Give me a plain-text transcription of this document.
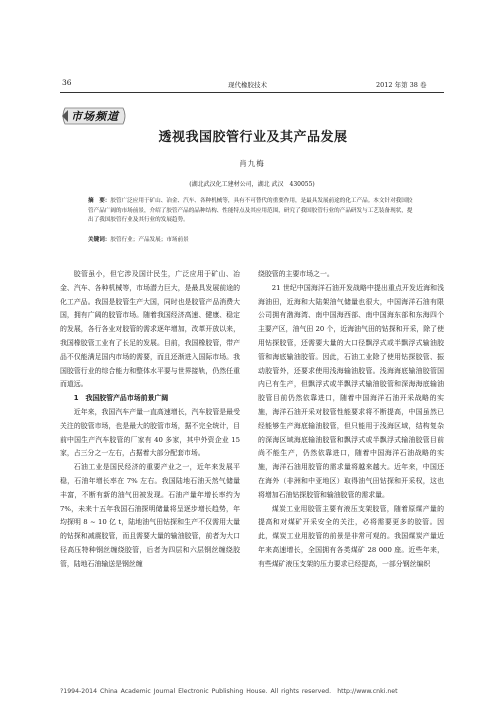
36	现代橡胶技术	2012 年第 38 卷
市场频道
透视我国胶管行业及其产品发展
肖九梅
(湖北武汉化工建材公司，湖北 武汉　430055)
摘　要：胶管广泛应用于矿山、冶金、汽车、各种机械等，具有不可替代的重要作用，是最具发展前途的化工产品。本文针对我国胶管产品广阔的市场前景，介绍了胶管产品的品种结构、性能特点及其应用范围，研究了我国胶管行业的产品研发与工艺装备现状，提出了我国胶管行业及其行业的发展趋势。
关键词：胶管行业；产品发展；市场前景

胶管虽小，但它涉及国计民生，广泛应用于矿山、冶金、汽车、各种机械等，市场潜力巨大，是最具发展前途的化工产品。我国是胶管生产大国，同时也是胶管产品消费大国，拥有广阔的胶管市场。随着我国经济高速、健康、稳定的发展，各行各业对胶管的需求逐年增加，改革开放以来，我国橡胶管工业有了长足的发展。目前，我国橡胶管，带产品不仅能满足国内市场的需要，而且还渐进入国际市场。我国胶管行业的综合能力和整体水平要与世界接轨，仍然任重而道远。

1　我国胶管产品市场前景广阔

近年来，我国汽车产量一直高速增长，汽车胶管是最受关注的胶管市场，也是最大的胶管市场，据不完全统计，目前中国生产汽车胶管的厂家有 40 多家，其中外资企业 15 家，占三分之一左右，占据着大部分配套市场。

石油工业是国民经济的重要产业之一，近年来发展平稳，石油年增长率在 7% 左右。我国陆地石油天然气储量丰富，不断有新的油气田被发现。石油产量年增长率约为 7%，未来十五年我国石油探明储量将呈逐步增长趋势，年均探明 8 ~ 10 亿 t，陆地油气田钻探和生产不仅需用大量的钻探和减震胶管，而且需要大量的输油胶管，前者为大口径高压特种钢丝缠绕胶管，后者为四层和六层钢丝缠绕胶管，陆地石油输送是钢丝缠

绕胶管的主要市场之一。

21 世纪中国海洋石油开发战略中提出重点开发近海和浅海油田，近海和大陆架油气储量也很大，中国海洋石油有限公司拥有渤海湾、南中国海西部、南中国海东部和东海四个主要产区，油气田 20 个，近海油气田的钻探和开采，除了使用钻探胶管，还需要大量的大口径飘浮式或半飘浮式输油胶管和海底输油胶管。因此，石油工业除了使用钻探胶管、振动胶管外，还要求使用浅海输油胶管。浅海海底输油胶管国内已有生产，但飘浮式或半飘浮式输油胶管和深海海底输油胶管目前仍然依靠进口，随着中国海洋石油开采战略的实施，海洋石油开采对胶管性能要求将不断提高，中国虽然已经能够生产海底输油胶管，但只能用于浅海区域，结构复杂的深海区域海底输油胶管和飘浮式或半飘浮式输油胶管目前尚不能生产，仍然依靠进口，随着中国海洋石油战略的实施，海洋石油用胶管的需求量将越来越大。近年来，中国还在海外（非洲和中亚地区）取得油气田钻探和开采权，这也将增加石油钻探胶管和输油胶管的需求量。

煤炭工业用胶管主要有液压支架胶管，随着原煤产量的提高和对煤矿开采安全的关注，必将需要更多的胶管。因此，煤炭工业用胶管的前景是非常可观的。我国煤炭产量近年来高速增长，全国拥有各类煤矿 28 000 座。近些年来，有些煤矿液压支架的压力要求已经提高，一部分钢丝编织

?1994-2014 China Academic Journal Electronic Publishing House. All rights reserved.　http://www.cnki.net
